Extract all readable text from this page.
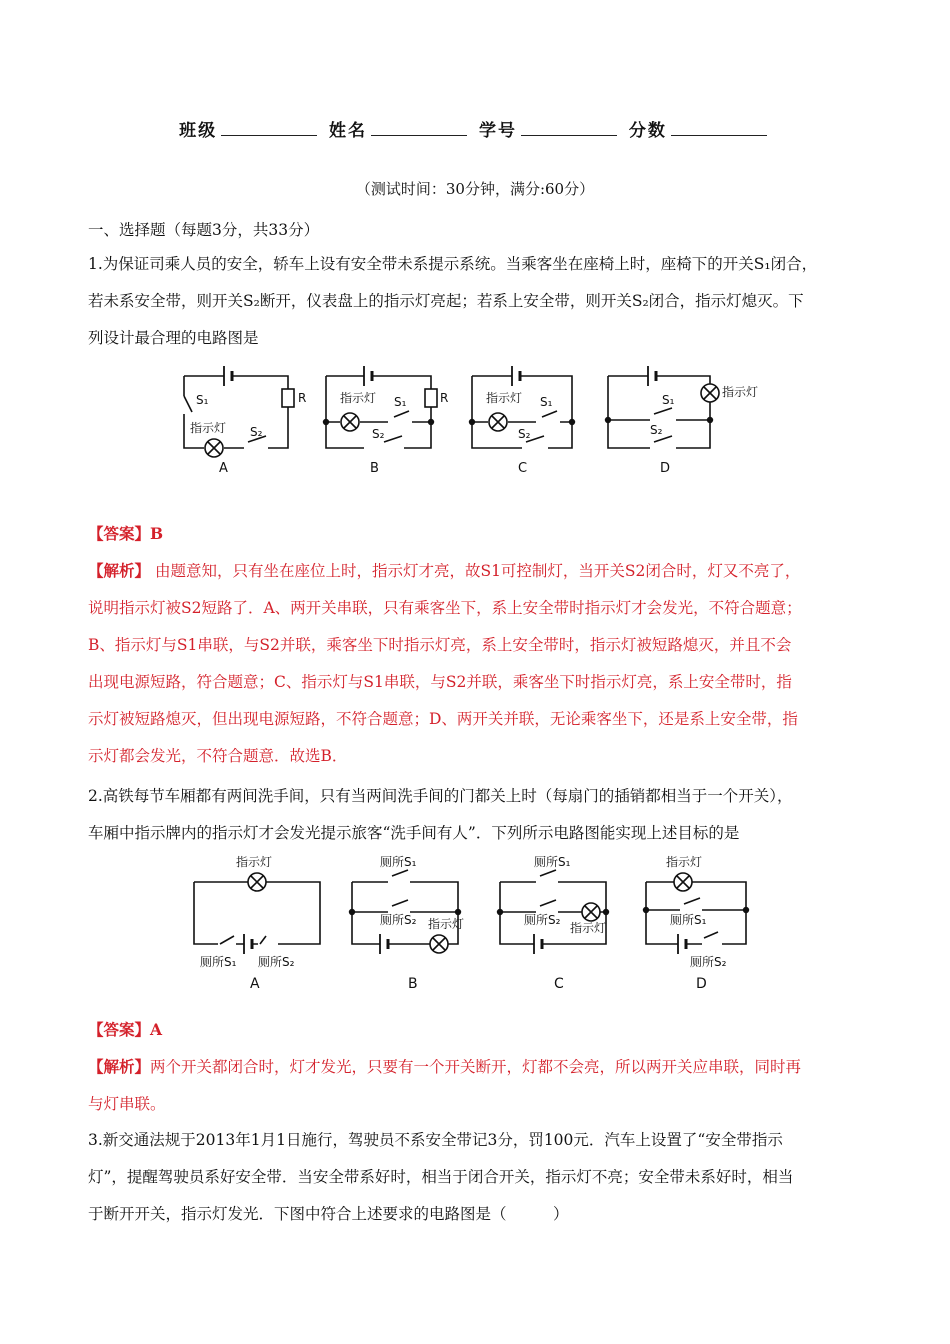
班级	姓名	学号	分数
（测试时间：30分钟，满分:60分）
一、选择题（每题3分，共33分）
1.为保证司乘人员的安全，轿车上设有安全带未系提示系统。当乘客坐在座椅上时，座椅下的开关S₁闭合，
若未系安全带，则开关S₂断开，仪表盘上的指示灯亮起；若系上安全带，则开关S₂闭合，指示灯熄灭。下
列设计最合理的电路图是
S₁	R
指示灯 S₂
A
指示灯 S₁	R
S₂
B
指示灯 S₁
S₂
C
指示灯
S₁
S₂
D
【答案】B
【解析】 由题意知，只有坐在座位上时，指示灯才亮，故S1可控制灯，当开关S2闭合时，灯又不亮了，
说明指示灯被S2短路了．A、两开关串联，只有乘客坐下，系上安全带时指示灯才会发光，不符合题意；
B、指示灯与S1串联，与S2并联，乘客坐下时指示灯亮，系上安全带时，指示灯被短路熄灭，并且不会
出现电源短路，符合题意；C、指示灯与S1串联，与S2并联，乘客坐下时指示灯亮，系上安全带时，指
示灯被短路熄灭，但出现电源短路，不符合题意；D、两开关并联，无论乘客坐下，还是系上安全带，指
示灯都会发光，不符合题意．故选B．
2.高铁每节车厢都有两间洗手间，只有当两间洗手间的门都关上时（每扇门的插销都相当于一个开关），
车厢中指示牌内的指示灯才会发光提示旅客“洗手间有人”．下列所示电路图能实现上述目标的是
指示灯
厕所S₁ 厕所S₂
A
厕所S₁
厕所S₂ 指示灯
B
厕所S₁
厕所S₂
指示灯
C
指示灯
厕所S₁
厕所S₂
D
【答案】A
【解析】两个开关都闭合时，灯才发光，只要有一个开关断开，灯都不会亮，所以两开关应串联，同时再
与灯串联。
3.新交通法规于2013年1月1日施行，驾驶员不系安全带记3分，罚100元．汽车上设置了“安全带指示
灯”，提醒驾驶员系好安全带．当安全带系好时，相当于闭合开关，指示灯不亮；安全带未系好时，相当
于断开开关，指示灯发光．下图中符合上述要求的电路图是（　　　）
